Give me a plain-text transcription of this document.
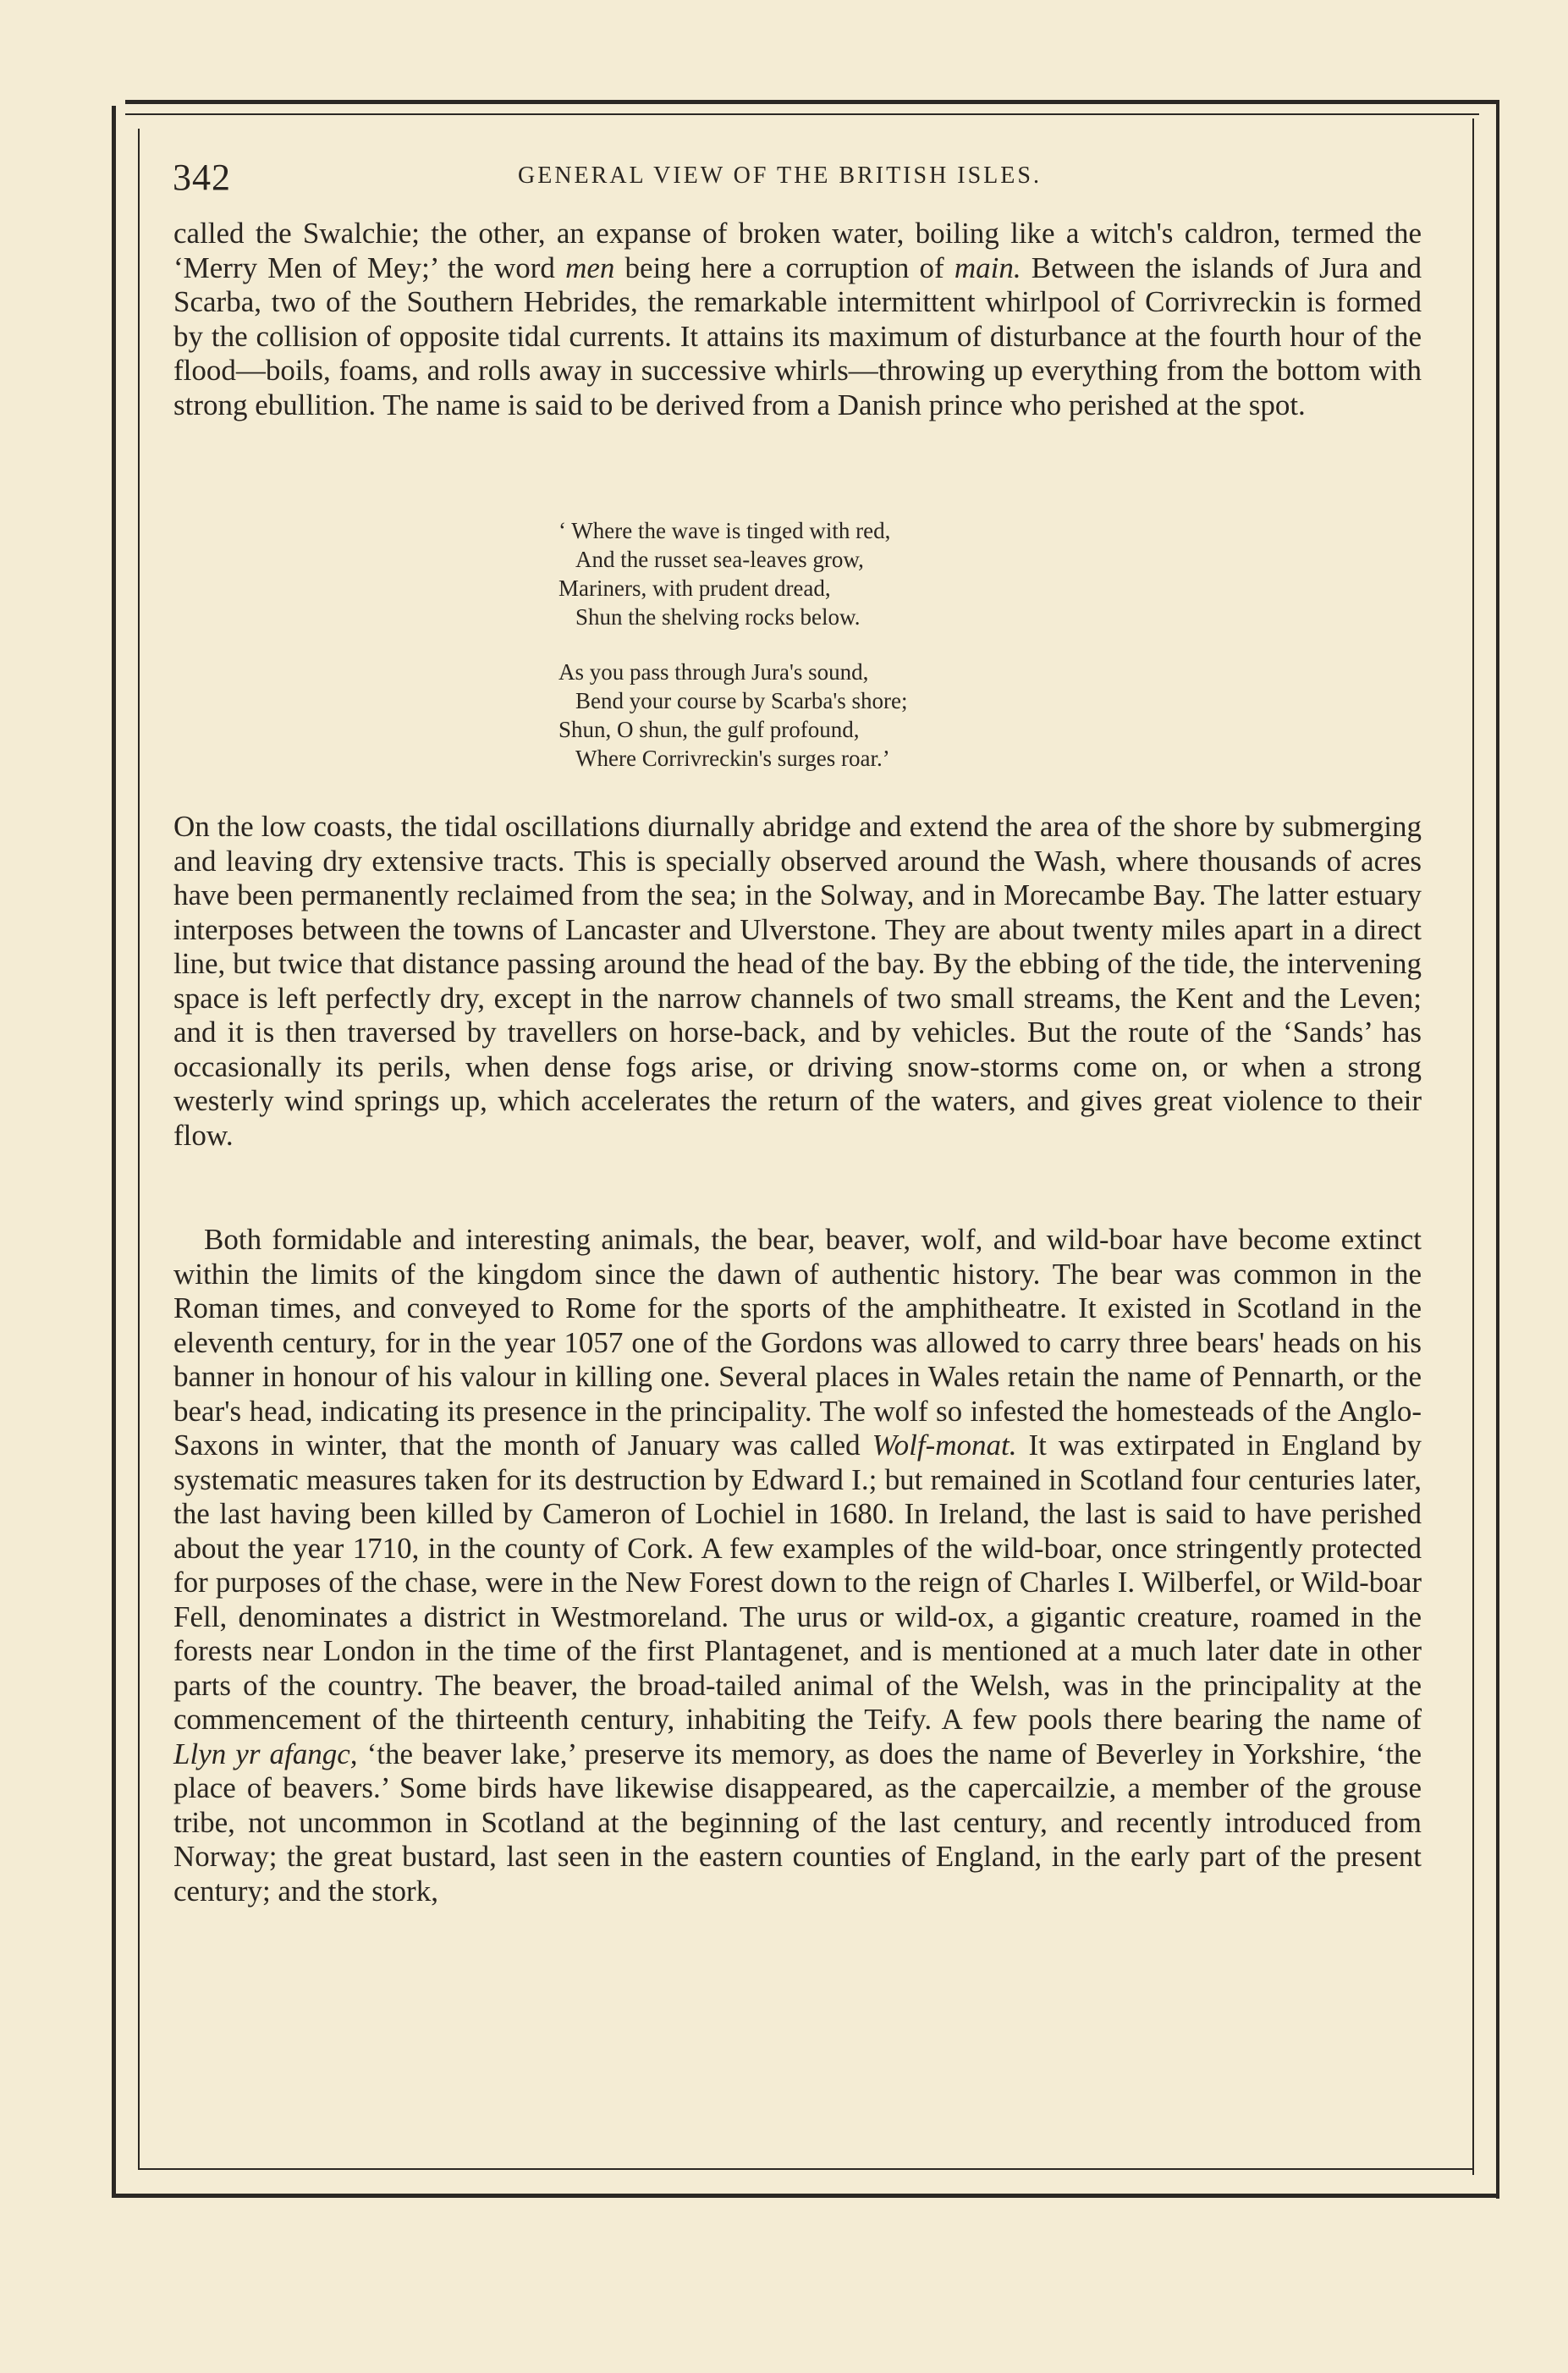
342	GENERAL VIEW OF THE BRITISH ISLES.

called the Swalchie; the other, an expanse of broken water, boiling like a witch's caldron, termed the ‘Merry Men of Mey;’ the word men being here a corruption of main. Between the islands of Jura and Scarba, two of the Southern Hebrides, the remarkable intermittent whirlpool of Corrivreckin is formed by the collision of opposite tidal currents. It attains its maximum of disturbance at the fourth hour of the flood—boils, foams, and rolls away in successive whirls—throwing up everything from the bottom with strong ebullition. The name is said to be derived from a Danish prince who perished at the spot.

‘ Where the wave is tinged with red,
And the russet sea-leaves grow,
Mariners, with prudent dread,
Shun the shelving rocks below.
As you pass through Jura's sound,
Bend your course by Scarba's shore;
Shun, O shun, the gulf profound,
Where Corrivreckin's surges roar.’

On the low coasts, the tidal oscillations diurnally abridge and extend the area of the shore by submerging and leaving dry extensive tracts. This is specially observed around the Wash, where thousands of acres have been permanently reclaimed from the sea; in the Solway, and in Morecambe Bay. The latter estuary interposes between the towns of Lancaster and Ulverstone. They are about twenty miles apart in a direct line, but twice that distance passing around the head of the bay. By the ebbing of the tide, the intervening space is left perfectly dry, except in the narrow channels of two small streams, the Kent and the Leven; and it is then traversed by travellers on horse-back, and by vehicles. But the route of the ‘Sands’ has occasionally its perils, when dense fogs arise, or driving snow-storms come on, or when a strong westerly wind springs up, which accelerates the return of the waters, and gives great violence to their flow.

Both formidable and interesting animals, the bear, beaver, wolf, and wild-boar have become extinct within the limits of the kingdom since the dawn of authentic history. The bear was common in the Roman times, and conveyed to Rome for the sports of the amphitheatre. It existed in Scotland in the eleventh century, for in the year 1057 one of the Gordons was allowed to carry three bears' heads on his banner in honour of his valour in killing one. Several places in Wales retain the name of Pennarth, or the bear's head, indicating its presence in the principality. The wolf so infested the homesteads of the Anglo-Saxons in winter, that the month of January was called Wolf-monat. It was extirpated in England by systematic measures taken for its destruction by Edward I.; but remained in Scotland four centuries later, the last having been killed by Cameron of Lochiel in 1680. In Ireland, the last is said to have perished about the year 1710, in the county of Cork. A few examples of the wild-boar, once stringently protected for purposes of the chase, were in the New Forest down to the reign of Charles I. Wilberfel, or Wild-boar Fell, denominates a district in Westmoreland. The urus or wild-ox, a gigantic creature, roamed in the forests near London in the time of the first Plantagenet, and is mentioned at a much later date in other parts of the country. The beaver, the broad-tailed animal of the Welsh, was in the principality at the commencement of the thirteenth century, inhabiting the Teify. A few pools there bearing the name of Llyn yr afangc, ‘the beaver lake,’ preserve its memory, as does the name of Beverley in Yorkshire, ‘the place of beavers.’ Some birds have likewise disappeared, as the capercailzie, a member of the grouse tribe, not uncommon in Scotland at the beginning of the last century, and recently introduced from Norway; the great bustard, last seen in the eastern counties of England, in the early part of the present century; and the stork,
